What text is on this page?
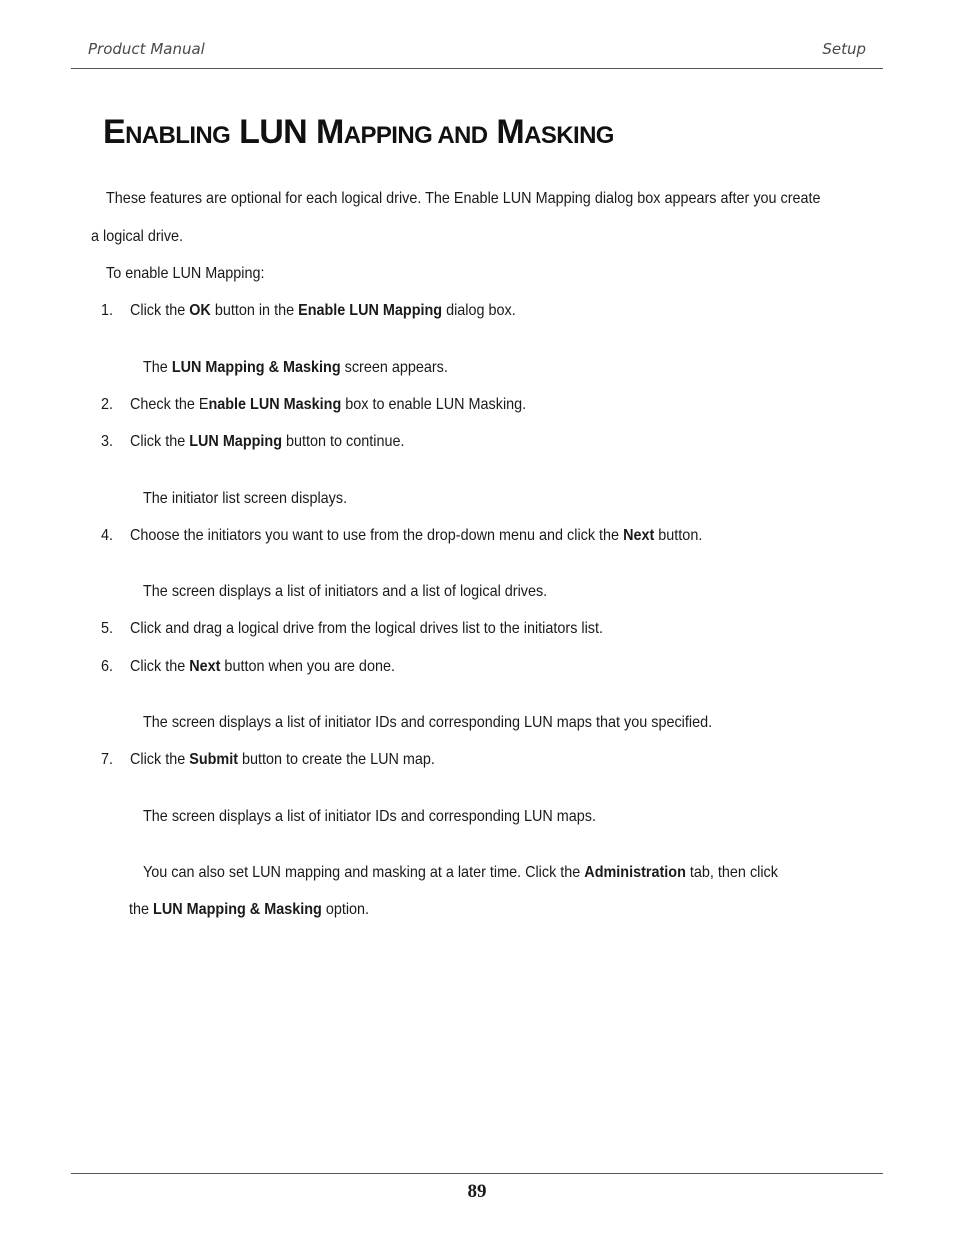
Product Manual	Setup
ENABLING LUN MAPPING AND MASKING
These features are optional for each logical drive. The Enable LUN Mapping dialog box appears after you create
a logical drive.
To enable LUN Mapping:
1. Click the OK button in the Enable LUN Mapping dialog box.
The LUN Mapping & Masking screen appears.
2. Check the Enable LUN Masking box to enable LUN Masking.
3. Click the LUN Mapping button to continue.
The initiator list screen displays.
4. Choose the initiators you want to use from the drop-down menu and click the Next button.
The screen displays a list of initiators and a list of logical drives.
5. Click and drag a logical drive from the logical drives list to the initiators list.
6. Click the Next button when you are done.
The screen displays a list of initiator IDs and corresponding LUN maps that you specified.
7. Click the Submit button to create the LUN map.
The screen displays a list of initiator IDs and corresponding LUN maps.
You can also set LUN mapping and masking at a later time. Click the Administration tab, then click
the LUN Mapping & Masking option.
89
